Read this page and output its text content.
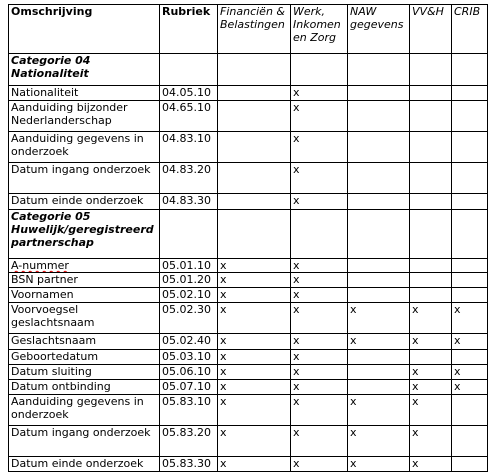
Omschrijving	Rubriek	Financiën & Belastingen	Werk, Inkomen en Zorg	NAW gegevens	VV&H	CRIB
Categorie 04 Nationaliteit						
Nationaliteit	04.05.10		x			
Aanduiding bijzonder Nederlanderschap	04.65.10		x			
Aanduiding gegevens in onderzoek	04.83.10		x			
Datum ingang onderzoek	04.83.20		x			
Datum einde onderzoek	04.83.30		x			
Categorie 05 Huwelijk/geregistreerd partnerschap						
A-nummer	05.01.10	x	x			
BSN partner	05.01.20	x	x			
Voornamen	05.02.10	x	x			
Voorvoegsel geslachtsnaam	05.02.30	x	x	x	x	x
Geslachtsnaam	05.02.40	x	x	x	x	x
Geboortedatum	05.03.10	x	x			
Datum sluiting	05.06.10	x	x		x	x
Datum ontbinding	05.07.10	x	x		x	x
Aanduiding gegevens in onderzoek	05.83.10	x	x	x	x	
Datum ingang onderzoek	05.83.20	x	x	x	x	
Datum einde onderzoek	05.83.30	x	x	x	x	
